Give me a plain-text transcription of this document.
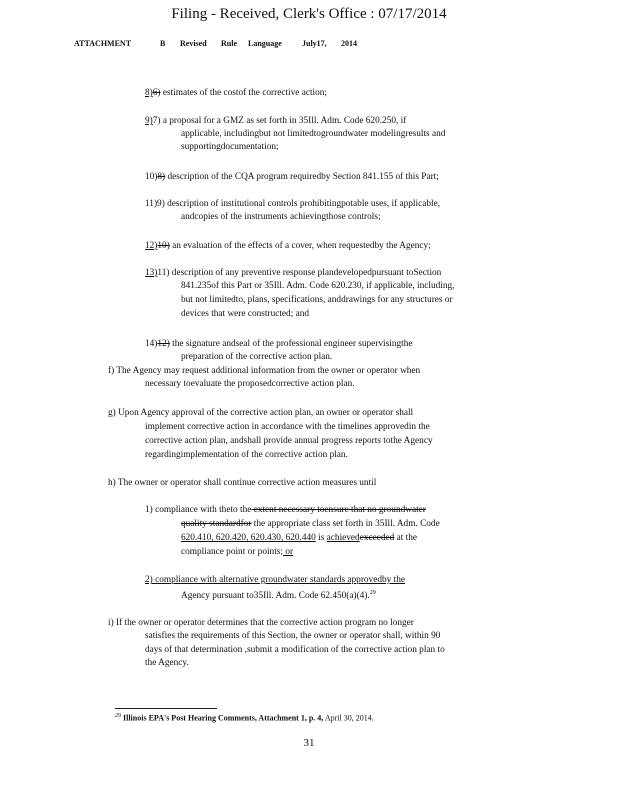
Filing - Received, Clerk's Office : 07/17/2014
ATTACHMENT	B Revised Rule Language	July17, 2014
8)6) estimates of the costof the corrective action;
9)7) a proposal for a GMZ as set forth in 35Ill. Adm. Code 620.250, if
applicable, includingbut not limitedtogroundwater modelingresults and
supportingdocumentation;
10)8) description of the CQA program requiredby Section 841.155 of this Part;
11)9) description of institutional controls prohibitingpotable uses, if applicable,
andcopies of the instruments achievingthose controls;
12)10) an evaluation of the effects of a cover, when requestedby the Agency;
13)11) description of any preventive response plandevelopedpursuant toSection
841.235of this Part or 35Ill. Adm. Code 620.230, if applicable, including,
but not limitedto, plans, specifications, anddrawings for any structures or
devices that were constructed; and
14)12) the signature andseal of the professional engineer supervisingthe
preparation of the corrective action plan.
f) The Agency may request additional information from the owner or operator when
necessary toevaluate the proposedcorrective action plan.
g) Upon Agency approval of the corrective action plan, an owner or operator shall
implement corrective action in accordance with the timelines approvedin the
corrective action plan, andshall provide annual progress reports tothe Agency
regardingimplementation of the corrective action plan.
h) The owner or operator shall continue corrective action measures until
1) compliance with theto the extent necessary toensure that no groundwater
quality standardfor the appropriate class set forth in 35Ill. Adm. Code
620.410, 620.420, 620.430, 620.440 is achievedexceeded at the
compliance point or points; or
2) compliance with alternative groundwater standards approvedby the
Agency pursuant to35Ill. Adm. Code 62.450(a)(4).$^{29}$
i) If the owner or operator determines that the corrective action program no longer
satisfies the requirements of this Section, the owner or operator shall, within 90
days of that determination ,submit a modification of the corrective action plan to
the Agency.
$^{29}$ Illinois EPA's Post Hearing Comments, Attachment 1, p. 4, April 30, 2014.
31
